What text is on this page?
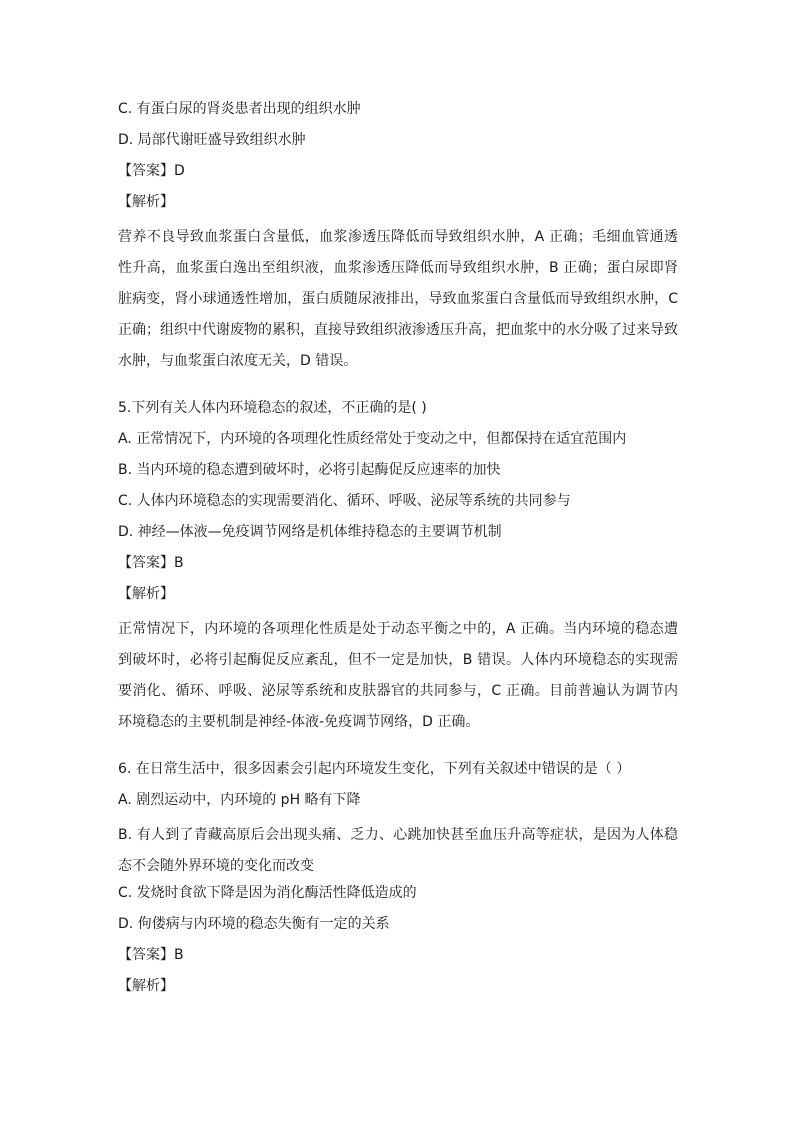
C. 有蛋白尿的肾炎患者出现的组织水肿
D. 局部代谢旺盛导致组织水肿
【答案】D
【解析】

营养不良导致血浆蛋白含量低，血浆渗透压降低而导致组织水肿，A 正确；毛细血管通透性升高，血浆蛋白逸出至组织液，血浆渗透压降低而导致组织水肿，B 正确；蛋白尿即肾脏病变，肾小球通透性增加，蛋白质随尿液排出，导致血浆蛋白含量低而导致组织水肿，C 正确；组织中代谢废物的累积，直接导致组织液渗透压升高，把血浆中的水分吸了过来导致水肿，与血浆蛋白浓度无关，D 错误。

5.下列有关人体内环境稳态的叙述，不正确的是( )
A. 正常情况下，内环境的各项理化性质经常处于变动之中，但都保持在适宜范围内
B. 当内环境的稳态遭到破坏时，必将引起酶促反应速率的加快
C. 人体内环境稳态的实现需要消化、循环、呼吸、泌尿等系统的共同参与
D. 神经—体液—免疫调节网络是机体维持稳态的主要调节机制
【答案】B
【解析】

正常情况下，内环境的各项理化性质是处于动态平衡之中的，A 正确。当内环境的稳态遭到破坏时，必将引起酶促反应紊乱，但不一定是加快，B 错误。人体内环境稳态的实现需要消化、循环、呼吸、泌尿等系统和皮肤器官的共同参与，C 正确。目前普遍认为调节内环境稳态的主要机制是神经-体液-免疫调节网络，D 正确。

6. 在日常生活中，很多因素会引起内环境发生变化，下列有关叙述中错误的是（ ）
A. 剧烈运动中，内环境的 pH 略有下降

B. 有人到了青藏高原后会出现头痛、乏力、心跳加快甚至血压升高等症状，是因为人体稳态不会随外界环境的变化而改变

C. 发烧时食欲下降是因为消化酶活性降低造成的
D. 佝偻病与内环境的稳态失衡有一定的关系
【答案】B
【解析】
